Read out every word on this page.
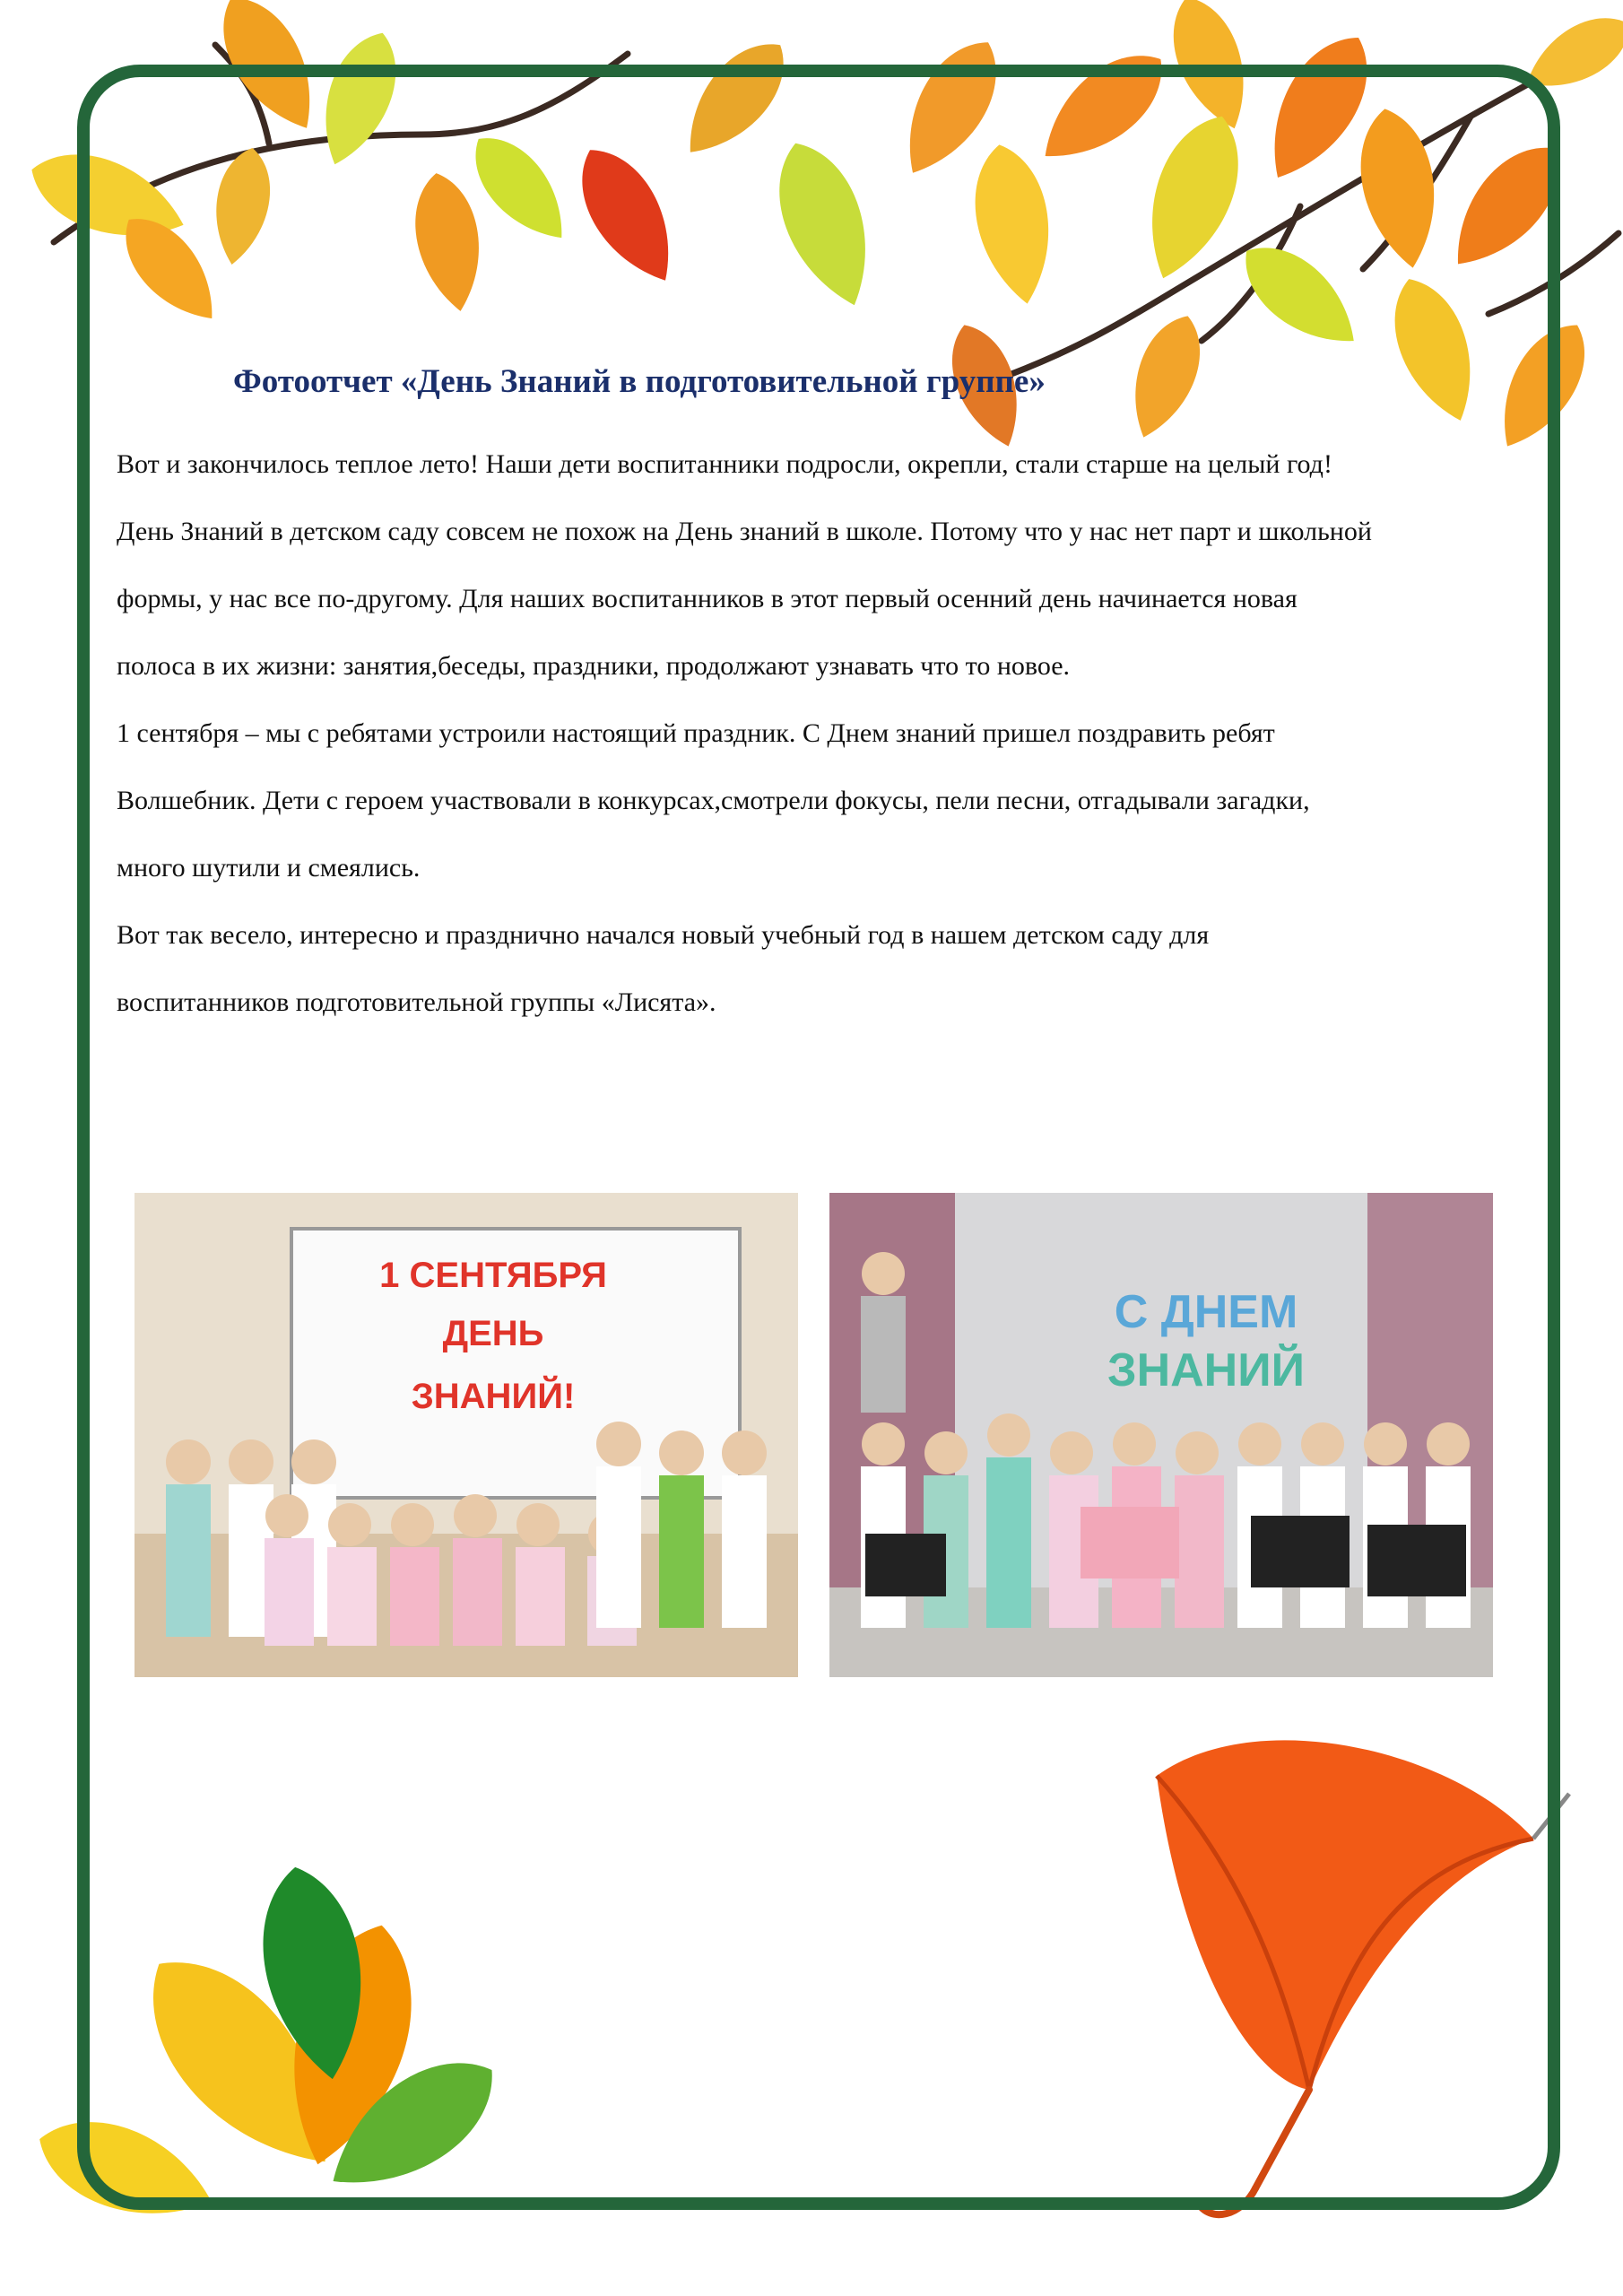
Фотоотчет «День Знаний в подготовительной группе»
Вот и закончилось теплое лето! Наши дети воспитанники подросли, окрепли, стали старше на целый год!
День Знаний в детском саду совсем не похож на День знаний в школе. Потому что у нас нет парт и школьной
формы, у нас все по-другому. Для наших воспитанников в этот первый осенний день начинается новая
полоса в их жизни: занятия,беседы, праздники, продолжают узнавать что то новое.
1 сентября – мы с ребятами устроили настоящий праздник. С Днем знаний пришел поздравить ребят
Волшебник. Дети с героем участвовали в конкурсах,смотрели фокусы, пели песни, отгадывали загадки,
много шутили и смеялись.
Вот так весело, интересно и празднично начался новый учебный год в нашем детском саду для
воспитанников подготовительной группы «Лисята».
1 СЕНТЯБРЯ
ДЕНЬ
ЗНАНИЙ!
С ДНЕМ
ЗНАНИЙ
